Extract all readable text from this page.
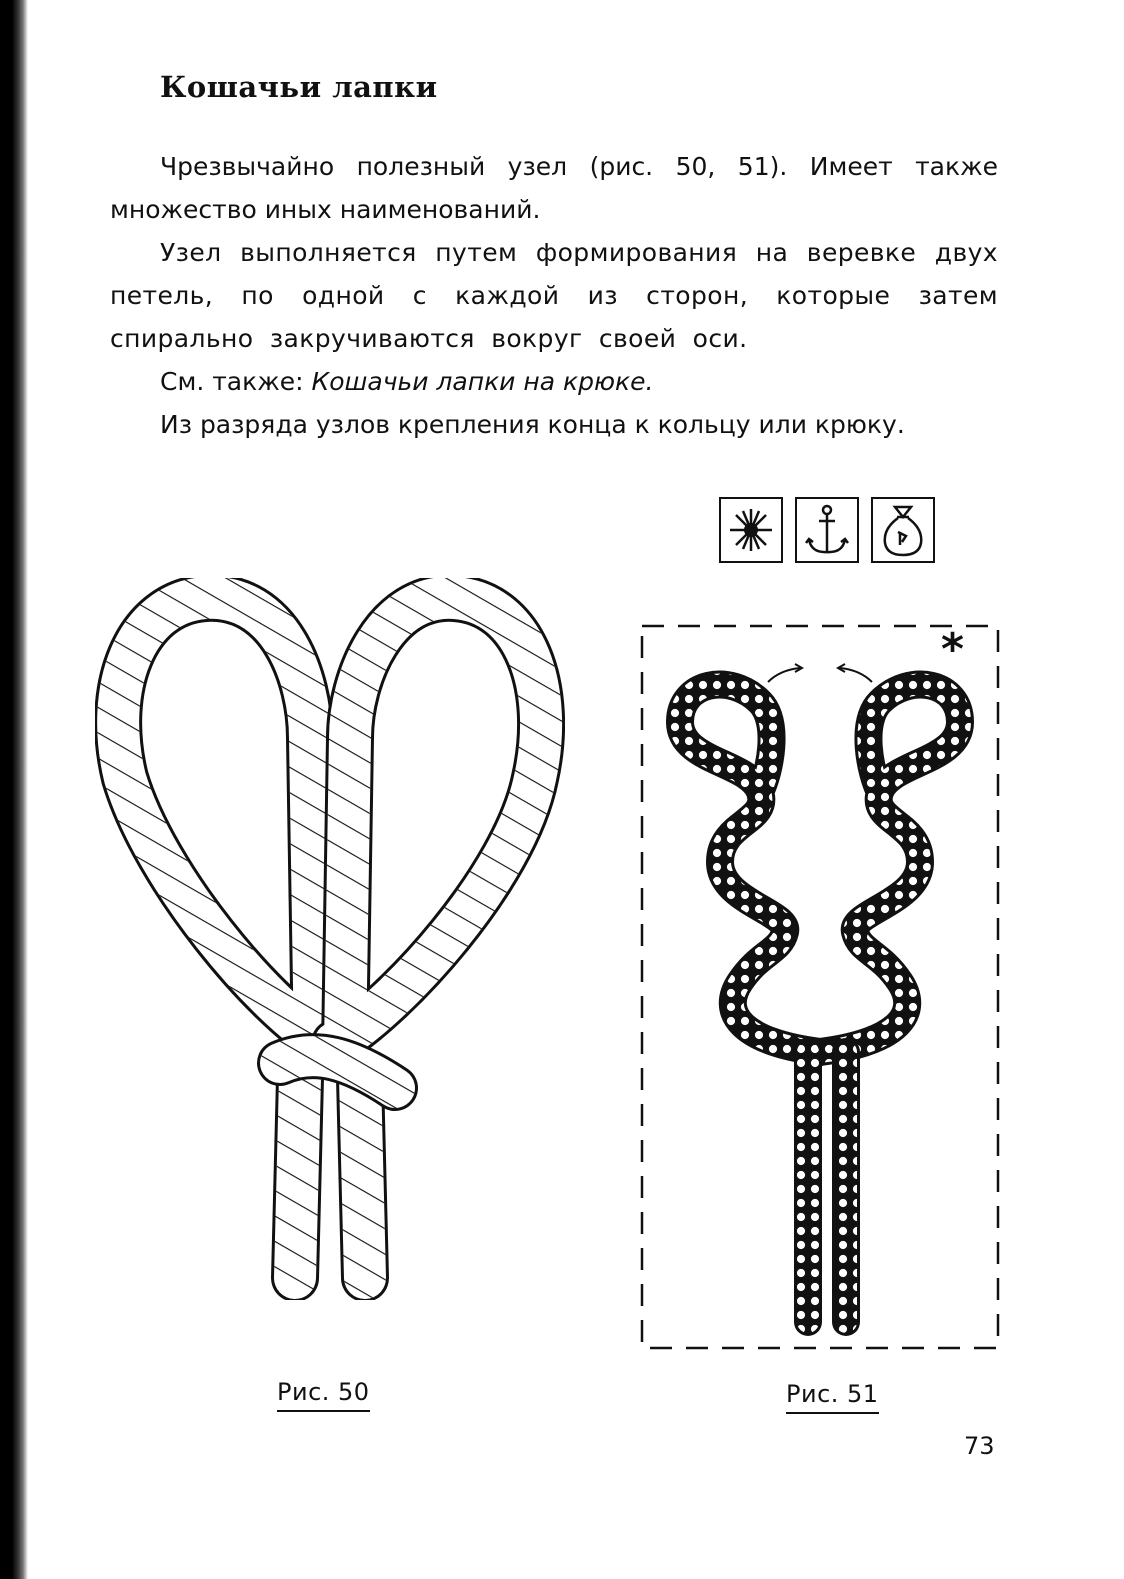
Кошачьи лапки

Чрезвычайно полезный узел (рис. 50, 51). Имеет также множество иных наименований.

Узел выполняется путем формирования на веревке двух петель, по одной с каждой из сторон, которые затем спирально закручиваются вокруг своей оси.

См. также: Кошачьи лапки на крюке.

Из разряда узлов крепления конца к кольцу или крюку.

*
Рис. 50	Рис. 51
73
